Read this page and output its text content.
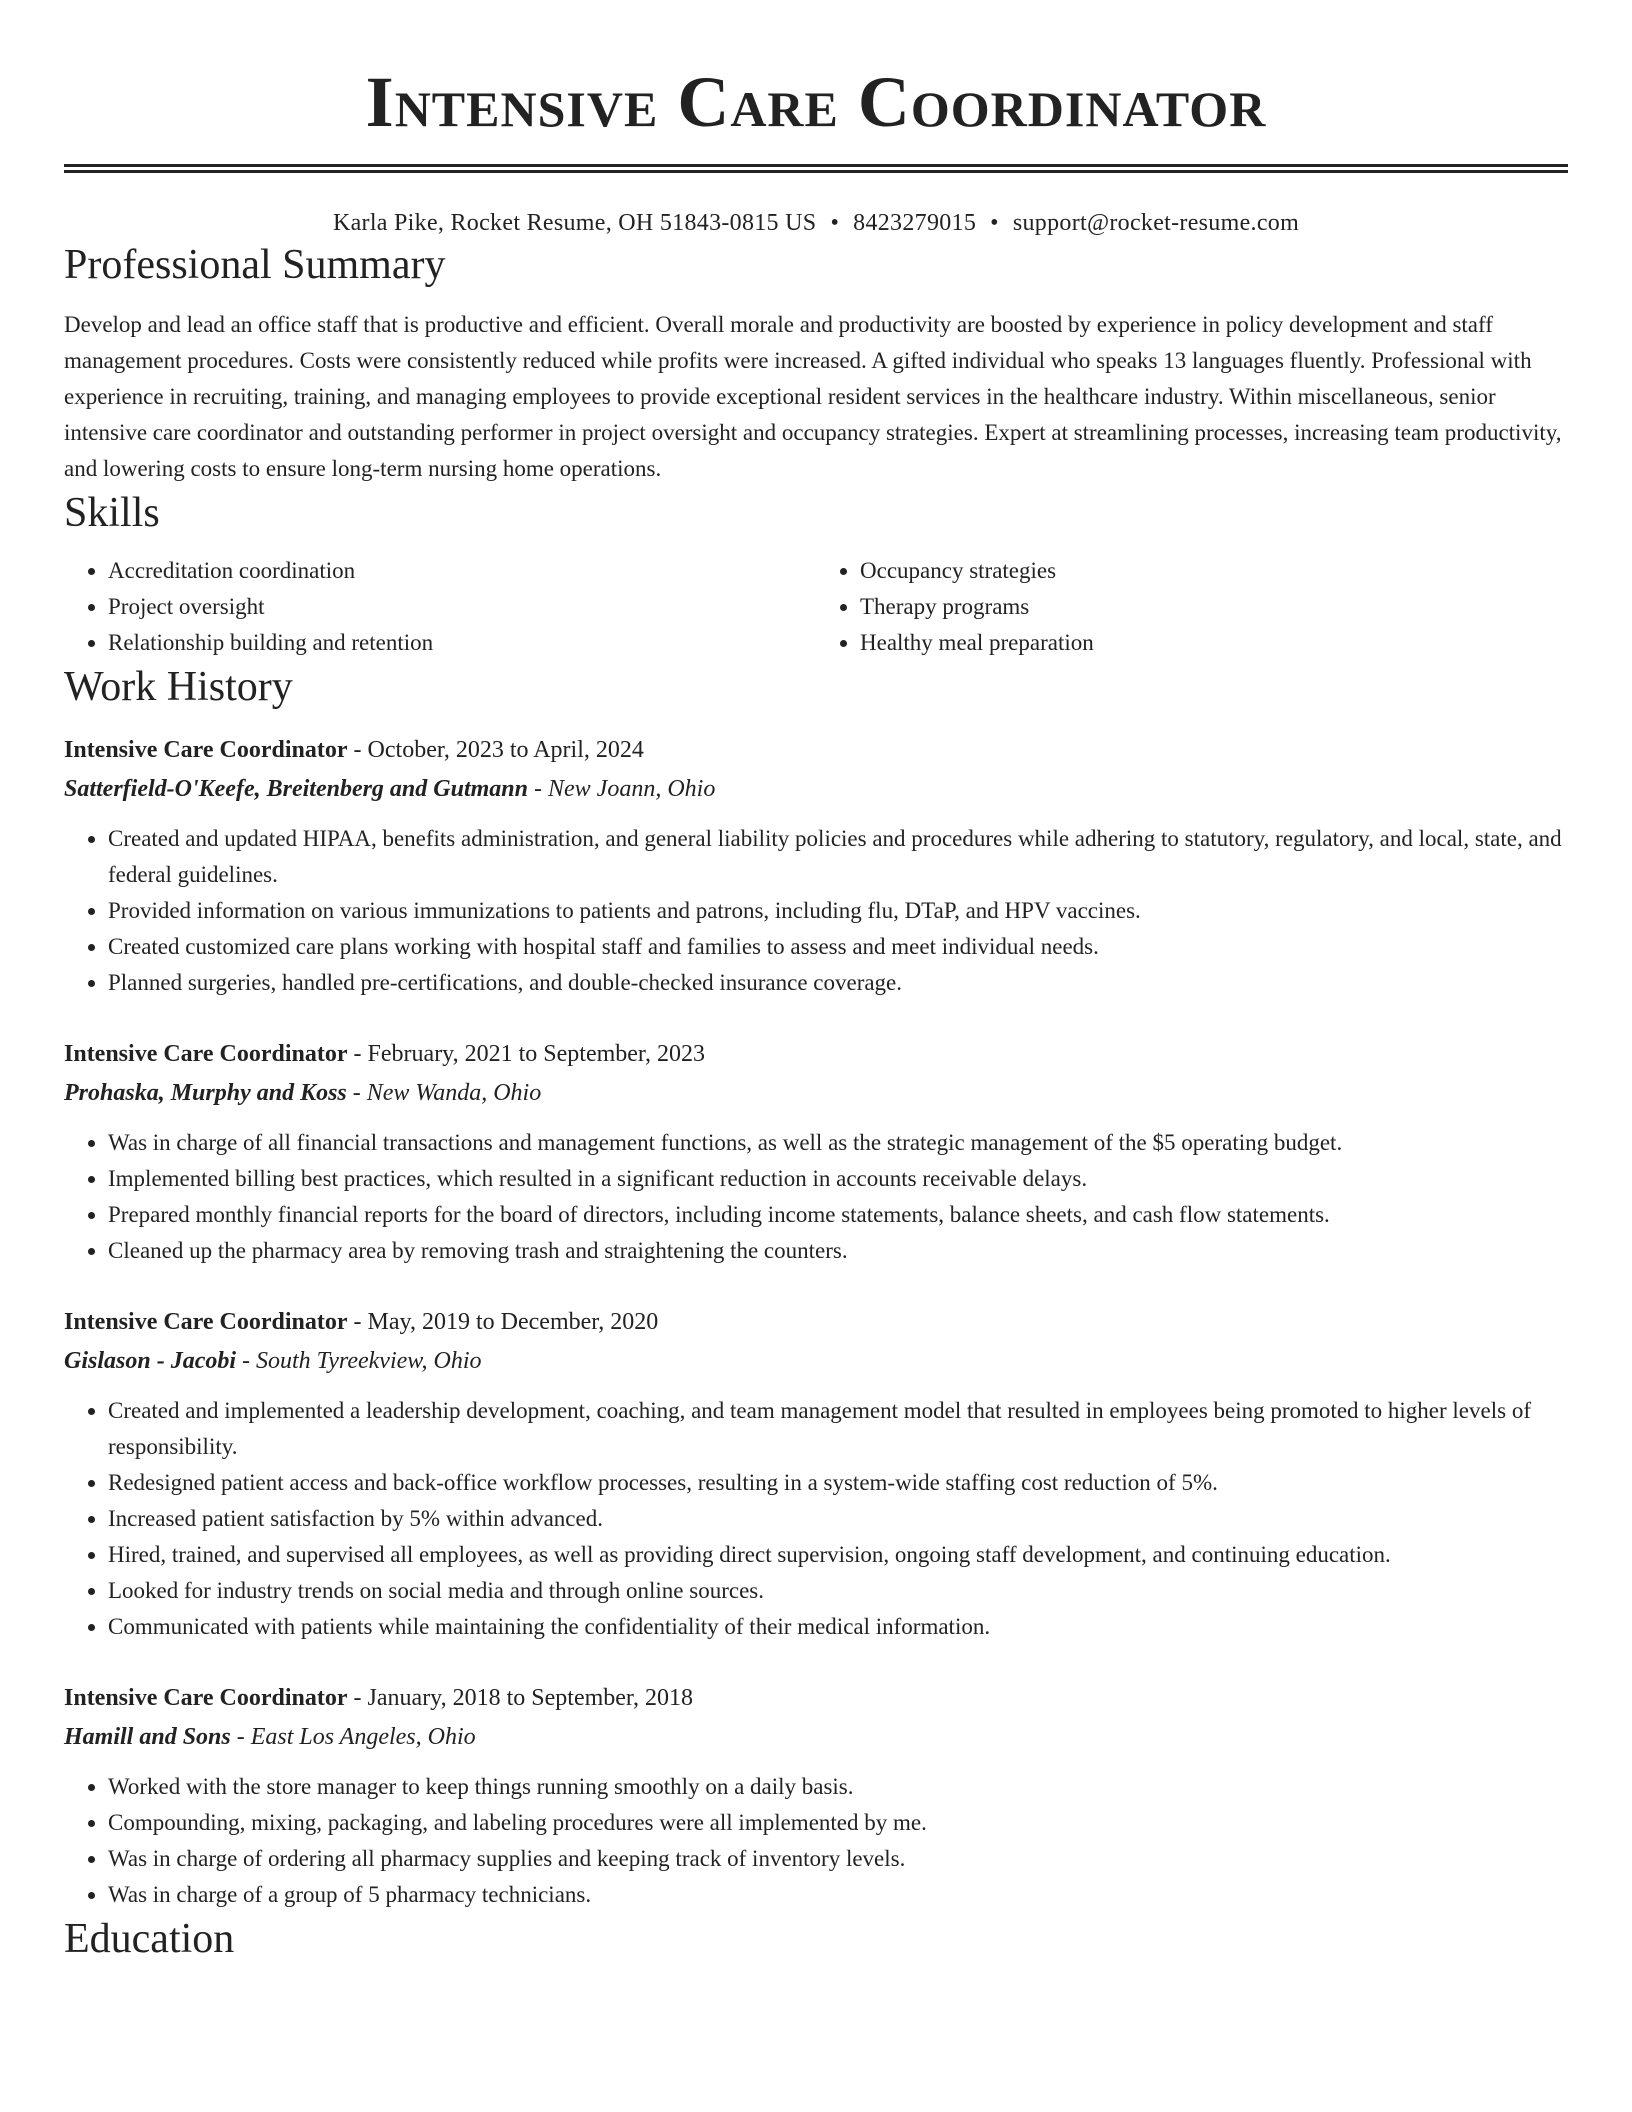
Intensive Care Coordinator
Karla Pike, Rocket Resume, OH 51843-0815 US • 8423279015 • support@rocket-resume.com
Professional Summary

Develop and lead an office staff that is productive and efficient. Overall morale and productivity are boosted by experience in policy development and staff management procedures. Costs were consistently reduced while profits were increased. A gifted individual who speaks 13 languages fluently. Professional with experience in recruiting, training, and managing employees to provide exceptional resident services in the healthcare industry. Within miscellaneous, senior intensive care coordinator and outstanding performer in project oversight and occupancy strategies. Expert at streamlining processes, increasing team productivity, and lowering costs to ensure long-term nursing home operations.

Skills
• Accreditation coordination
• Project oversight
• Relationship building and retention
• Occupancy strategies
• Therapy programs
• Healthy meal preparation
Work History
Intensive Care Coordinator - October, 2023 to April, 2024
Satterfield-O'Keefe, Breitenberg and Gutmann - New Joann, Ohio
• Created and updated HIPAA, benefits administration, and general liability policies and procedures while adhering to statutory, regulatory, and local, state, and federal guidelines.
• Provided information on various immunizations to patients and patrons, including flu, DTaP, and HPV vaccines.
• Created customized care plans working with hospital staff and families to assess and meet individual needs.
• Planned surgeries, handled pre-certifications, and double-checked insurance coverage.
Intensive Care Coordinator - February, 2021 to September, 2023
Prohaska, Murphy and Koss - New Wanda, Ohio
• Was in charge of all financial transactions and management functions, as well as the strategic management of the $5 operating budget.
• Implemented billing best practices, which resulted in a significant reduction in accounts receivable delays.
• Prepared monthly financial reports for the board of directors, including income statements, balance sheets, and cash flow statements.
• Cleaned up the pharmacy area by removing trash and straightening the counters.
Intensive Care Coordinator - May, 2019 to December, 2020
Gislason - Jacobi - South Tyreekview, Ohio
• Created and implemented a leadership development, coaching, and team management model that resulted in employees being promoted to higher levels of responsibility.
• Redesigned patient access and back-office workflow processes, resulting in a system-wide staffing cost reduction of 5%.
• Increased patient satisfaction by 5% within advanced.
• Hired, trained, and supervised all employees, as well as providing direct supervision, ongoing staff development, and continuing education.
• Looked for industry trends on social media and through online sources.
• Communicated with patients while maintaining the confidentiality of their medical information.
Intensive Care Coordinator - January, 2018 to September, 2018
Hamill and Sons - East Los Angeles, Ohio
• Worked with the store manager to keep things running smoothly on a daily basis.
• Compounding, mixing, packaging, and labeling procedures were all implemented by me.
• Was in charge of ordering all pharmacy supplies and keeping track of inventory levels.
• Was in charge of a group of 5 pharmacy technicians.
Education
